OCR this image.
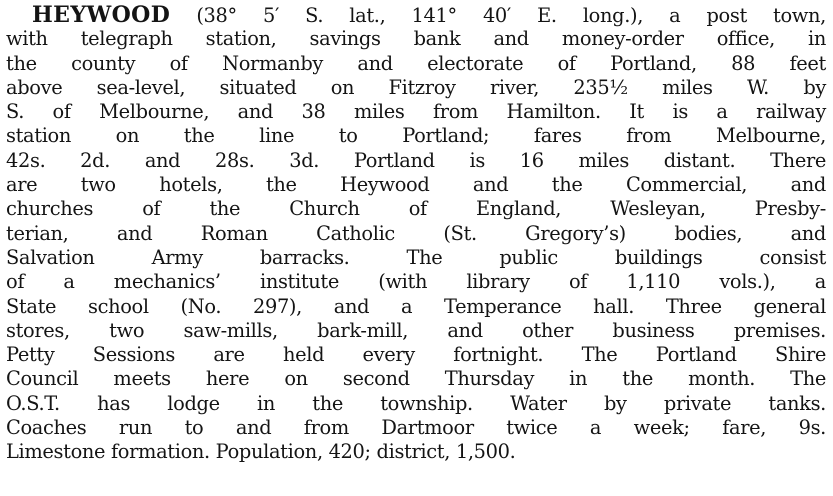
HEYWOOD (38° 5′ S. lat., 141° 40′ E. long.), a post town,
with telegraph station, savings bank and money-order office, in
the county of Normanby and electorate of Portland, 88 feet
above sea-level, situated on Fitzroy river, 235½ miles W. by
S. of Melbourne, and 38 miles from Hamilton. It is a railway
station on the line to Portland; fares from Melbourne,
42s. 2d. and 28s. 3d. Portland is 16 miles distant. There
are two hotels, the Heywood and the Commercial, and
churches of the Church of England, Wesleyan, Presby-
terian, and Roman Catholic (St. Gregory’s) bodies, and
Salvation Army barracks. The public buildings consist
of a mechanics’ institute (with library of 1,110 vols.), a
State school (No. 297), and a Temperance hall. Three general
stores, two saw-mills, bark-mill, and other business premises.
Petty Sessions are held every fortnight. The Portland Shire
Council meets here on second Thursday in the month. The
O.S.T. has lodge in the township. Water by private tanks.
Coaches run to and from Dartmoor twice a week; fare, 9s.
Limestone formation. Population, 420; district, 1,500.
